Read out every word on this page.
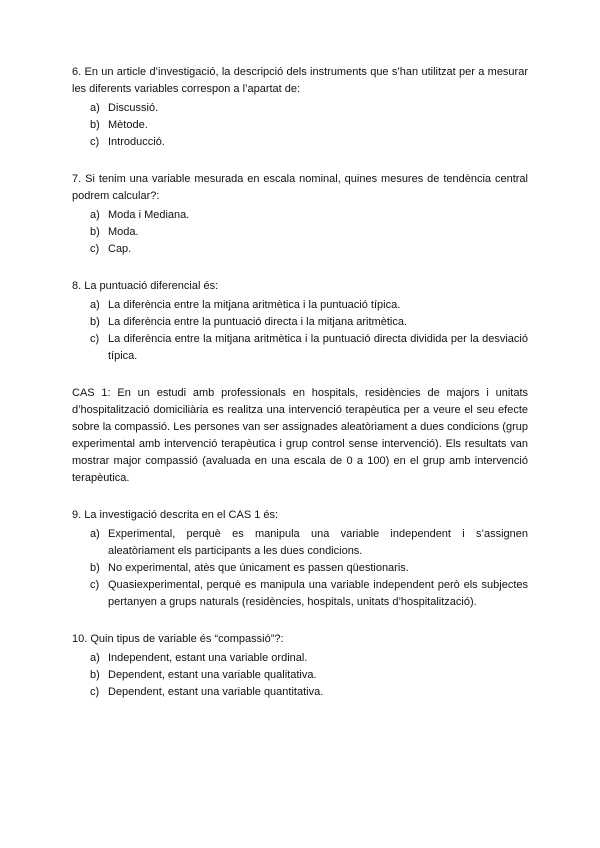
6. En un article d’investigació, la descripció dels instruments que s’han utilitzat per a mesurar les diferents variables correspon a l’apartat de:

a) Discussió.
b) Mètode.
c) Introducció.

7. Si tenim una variable mesurada en escala nominal, quines mesures de tendència central podrem calcular?:

a) Moda i Mediana.
b) Moda.
c) Cap.

8. La puntuació diferencial és:

a) La diferència entre la mitjana aritmètica i la puntuació típica.
b) La diferència entre la puntuació directa i la mitjana aritmètica.
c) La diferència entre la mitjana aritmètica i la puntuació directa dividida per la desviació típica.

CAS 1: En un estudi amb professionals en hospitals, residències de majors i unitats d’hospitalització domiciliària es realitza una intervenció terapèutica per a veure el seu efecte sobre la compassió. Les persones van ser assignades aleatòriament a dues condicions (grup experimental amb intervenció terapèutica i grup control sense intervenció). Els resultats van mostrar major compassió (avaluada en una escala de 0 a 100) en el grup amb intervenció terapèutica.

9. La investigació descrita en el CAS 1 és:

a) Experimental, perquè es manipula una variable independent i s’assignen aleatòriament els participants a les dues condicions.
b) No experimental, atès que únicament es passen qüestionaris.
c) Quasiexperimental, perquè es manipula una variable independent però els subjectes pertanyen a grups naturals (residències, hospitals, unitats d’hospitalització).

10. Quin tipus de variable és “compassió”?:

a) Independent, estant una variable ordinal.
b) Dependent, estant una variable qualitativa.
c) Dependent, estant una variable quantitativa.
